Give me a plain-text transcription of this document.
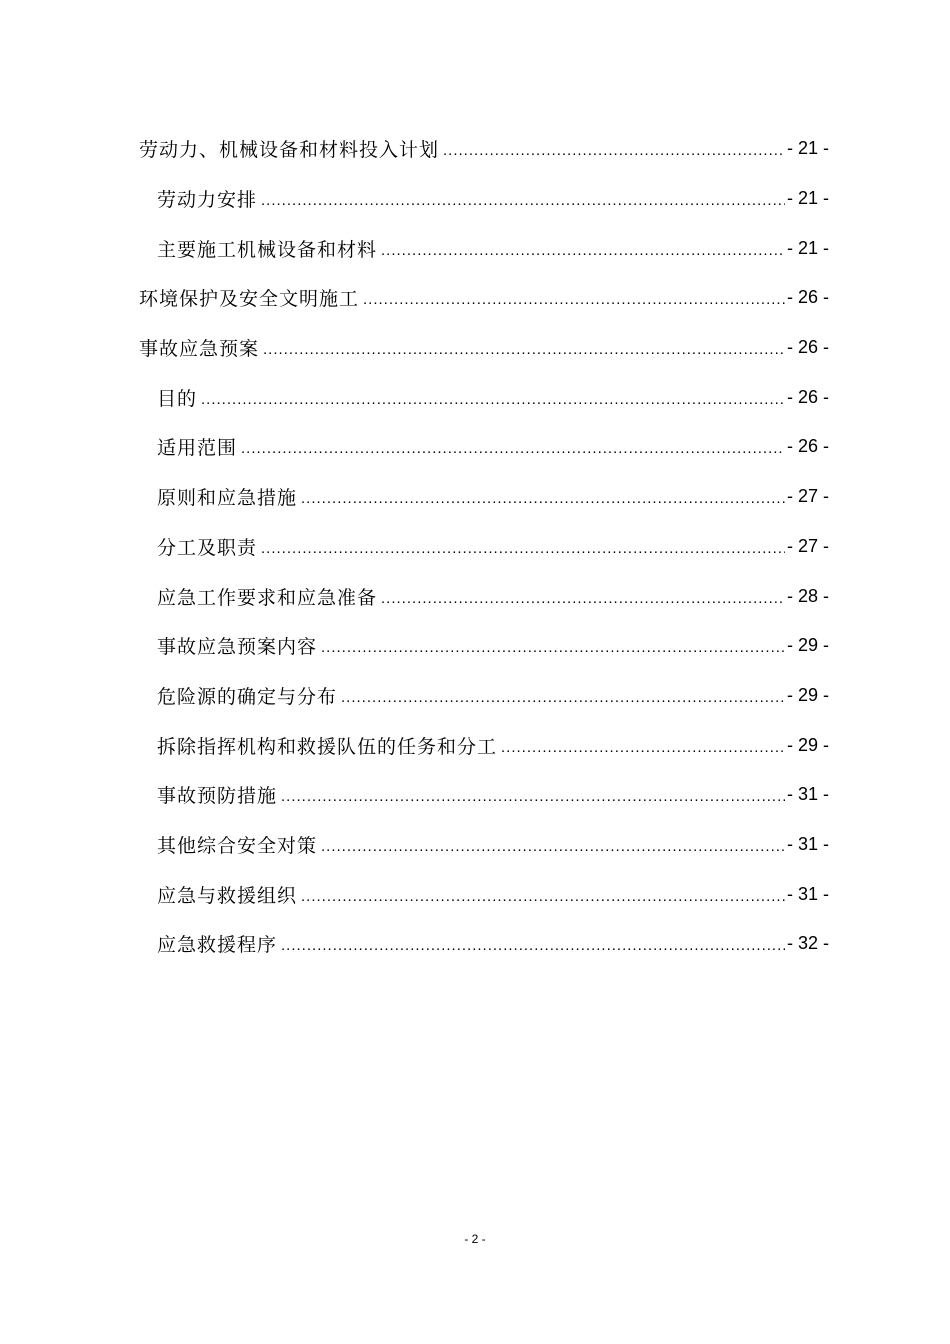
劳动力、机械设备和材料投入计划 .....	- 21 -
劳动力安排 .....	- 21 -
主要施工机械设备和材料 .....	- 21 -
环境保护及安全文明施工 .....	- 26 -
事故应急预案 .....	- 26 -
目的 .....	- 26 -
适用范围 .....	- 26 -
原则和应急措施 .....	- 27 -
分工及职责 .....	- 27 -
应急工作要求和应急准备 .....	- 28 -
事故应急预案内容 .....	- 29 -
危险源的确定与分布 .....	- 29 -
拆除指挥机构和救援队伍的任务和分工 .....	- 29 -
事故预防措施 .....	- 31 -
其他综合安全对策 .....	- 31 -
应急与救援组织 .....	- 31 -
应急救援程序 .....	- 32 -
- 2 -
